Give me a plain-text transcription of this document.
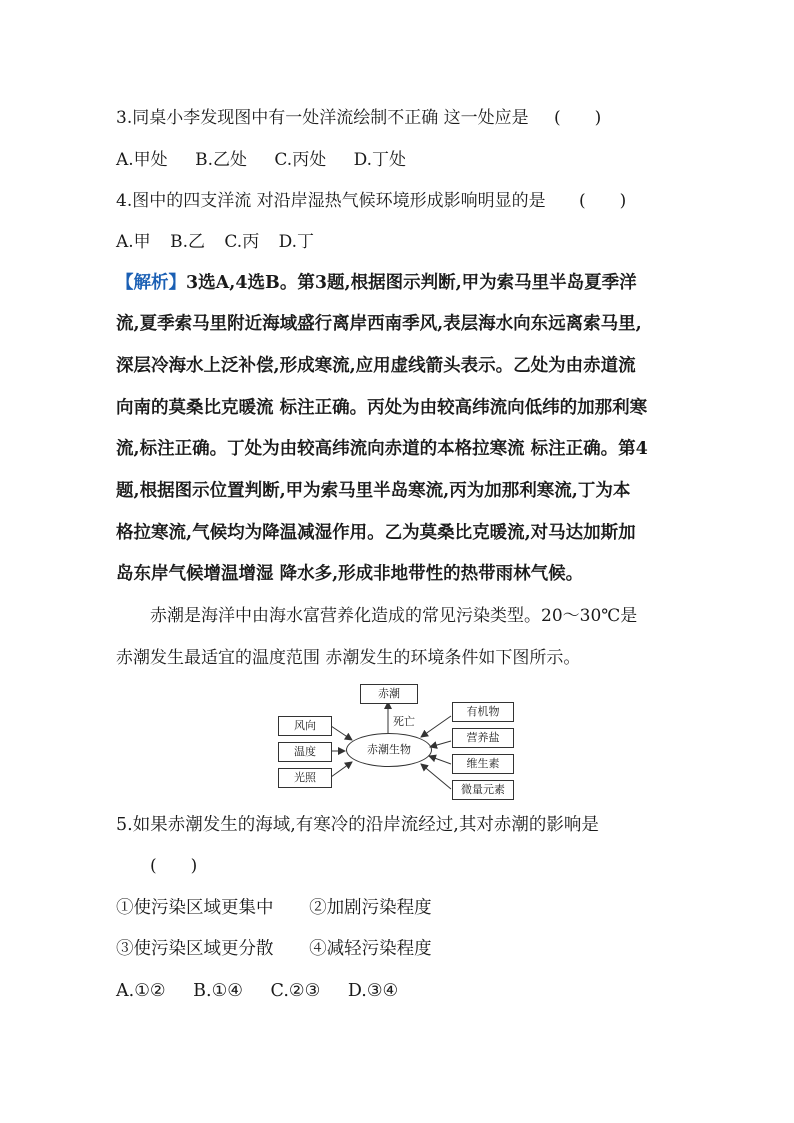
3.同桌小李发现图中有一处洋流绘制不正确 这一处应是 (　　)
A.甲处 B.乙处 C.丙处 D.丁处
4.图中的四支洋流 对沿岸湿热气候环境形成影响明显的是 (　　)
A.甲 B.乙 C.丙 D.丁
【解析】3选A,4选B。第3题,根据图示判断,甲为索马里半岛夏季洋
流,夏季索马里附近海域盛行离岸西南季风,表层海水向东远离索马里,
深层冷海水上泛补偿,形成寒流,应用虚线箭头表示。乙处为由赤道流
向南的莫桑比克暖流 标注正确。丙处为由较高纬流向低纬的加那利寒
流,标注正确。丁处为由较高纬流向赤道的本格拉寒流 标注正确。第4
题,根据图示位置判断,甲为索马里半岛寒流,丙为加那利寒流,丁为本
格拉寒流,气候均为降温减湿作用。乙为莫桑比克暖流,对马达加斯加
岛东岸气候增温增湿 降水多,形成非地带性的热带雨林气候。
赤潮是海洋中由海水富营养化造成的常见污染类型。20～30℃是
赤潮发生最适宜的温度范围 赤潮发生的环境条件如下图所示。
赤潮
死亡
赤潮生物
风向
温度
光照
有机物
营养盐
维生素
微量元素
5.如果赤潮发生的海域,有寒冷的沿岸流经过,其对赤潮的影响是
(　　)
①使污染区域更集中 ②加剧污染程度
③使污染区域更分散 ④减轻污染程度
A.①② B.①④ C.②③ D.③④
